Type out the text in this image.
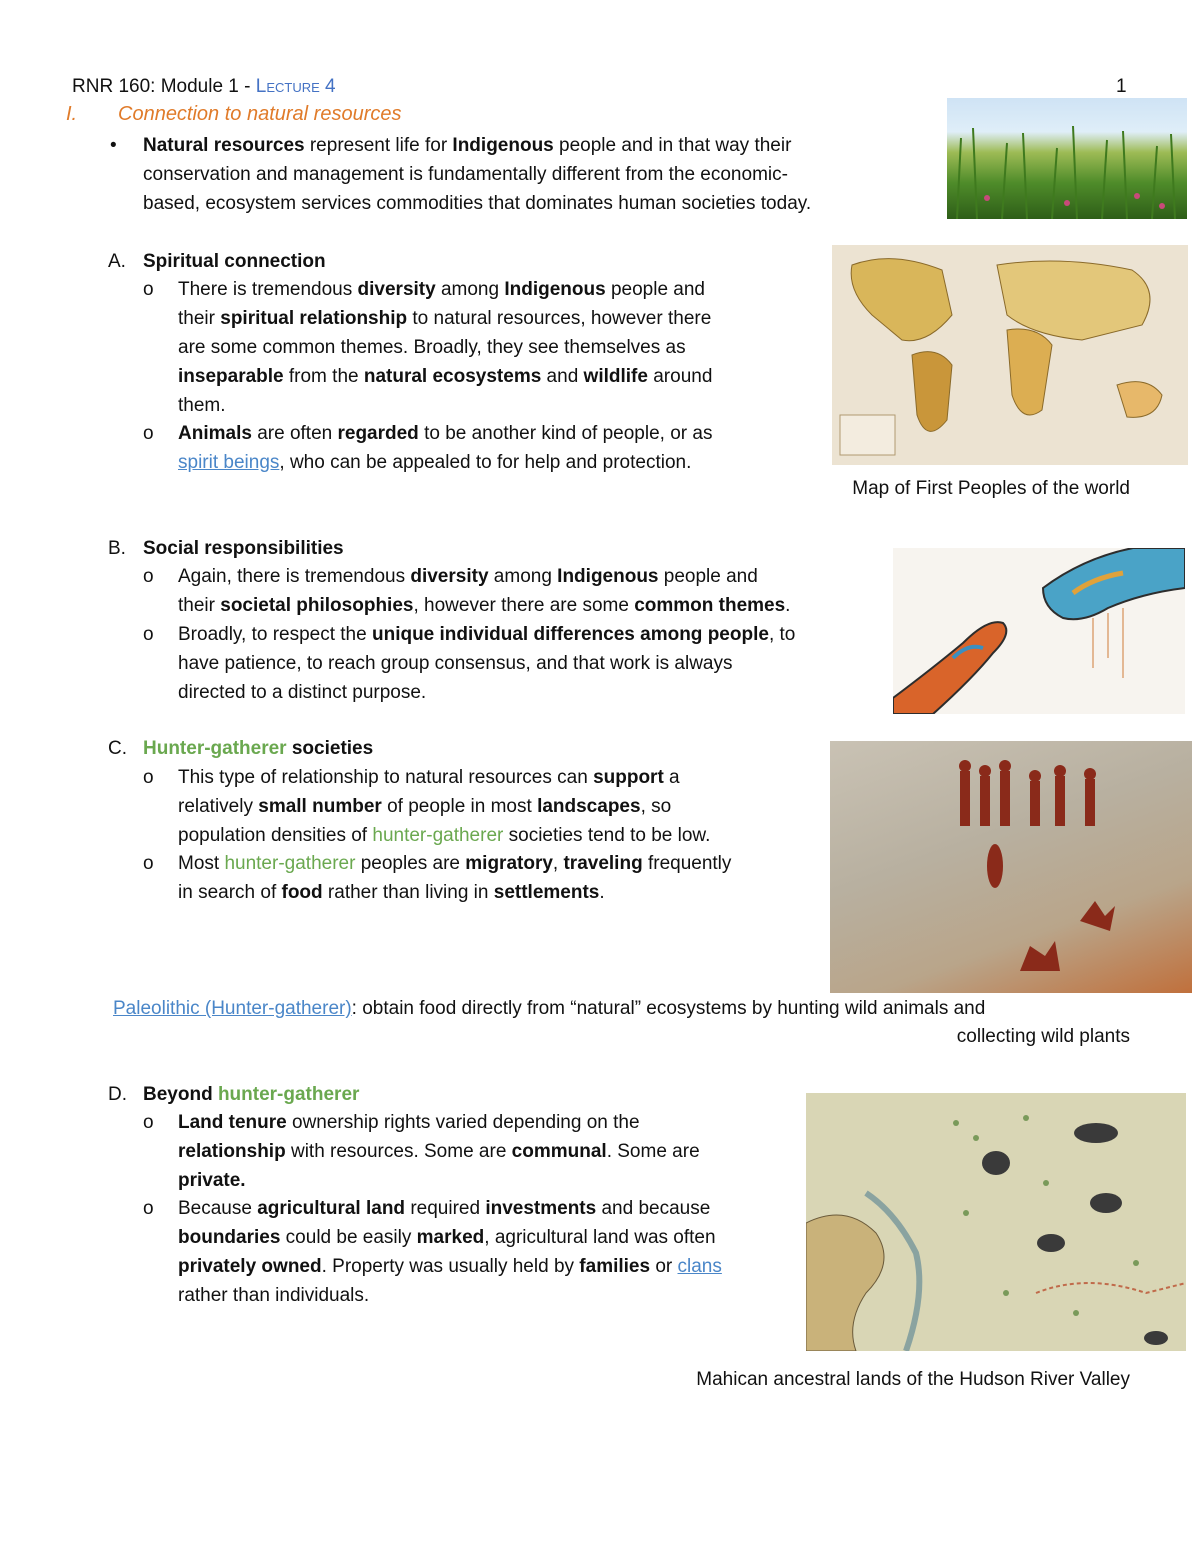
RNR 160: Module 1 - Lecture 4	1
I. Connection to natural resources
• Natural resources represent life for Indigenous people and in that way their
conservation and management is fundamentally different from the economic-
based, ecosystem services commodities that dominates human societies today.
A. Spiritual connection
o There is tremendous diversity among Indigenous people and
their spiritual relationship to natural resources, however there
are some common themes. Broadly, they see themselves as
inseparable from the natural ecosystems and wildlife around
them.
o Animals are often regarded to be another kind of people, or as
spirit beings, who can be appealed to for help and protection.
Map of First Peoples of the world
B. Social responsibilities
o Again, there is tremendous diversity among Indigenous people and
their societal philosophies, however there are some common themes.
o Broadly, to respect the unique individual differences among people, to
have patience, to reach group consensus, and that work is always
directed to a distinct purpose.
C. Hunter-gatherer societies
o This type of relationship to natural resources can support a
relatively small number of people in most landscapes, so
population densities of hunter-gatherer societies tend to be low.
o Most hunter-gatherer peoples are migratory, traveling frequently
in search of food rather than living in settlements.
Paleolithic (Hunter-gatherer): obtain food directly from “natural” ecosystems by hunting wild animals and
collecting wild plants
D. Beyond hunter-gatherer
o Land tenure ownership rights varied depending on the
relationship with resources. Some are communal. Some are
private.
o Because agricultural land required investments and because
boundaries could be easily marked, agricultural land was often
privately owned. Property was usually held by families or clans
rather than individuals.
Mahican ancestral lands of the Hudson River Valley
